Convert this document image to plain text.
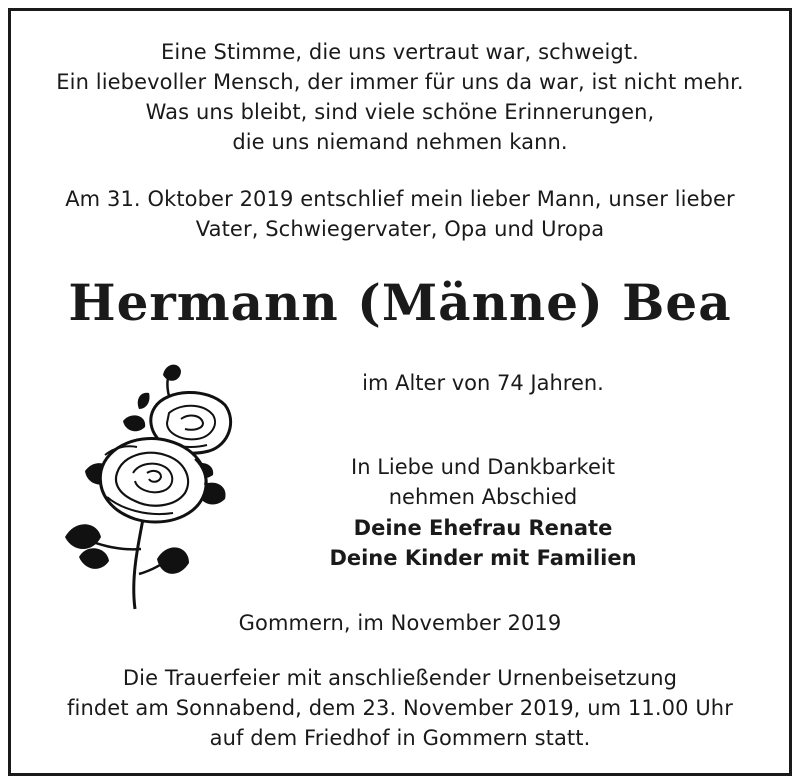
Eine Stimme, die uns vertraut war, schweigt.
Ein liebevoller Mensch, der immer für uns da war, ist nicht mehr.
Was uns bleibt, sind viele schöne Erinnerungen,
die uns niemand nehmen kann.
Am 31. Oktober 2019 entschlief mein lieber Mann, unser lieber
Vater, Schwiegervater, Opa und Uropa
Hermann (Männe) Bea
im Alter von 74 Jahren.
In Liebe und Dankbarkeit
nehmen Abschied
Deine Ehefrau Renate
Deine Kinder mit Familien
Gommern, im November 2019
Die Trauerfeier mit anschließender Urnenbeisetzung
findet am Sonnabend, dem 23. November 2019, um 11.00 Uhr
auf dem Friedhof in Gommern statt.
